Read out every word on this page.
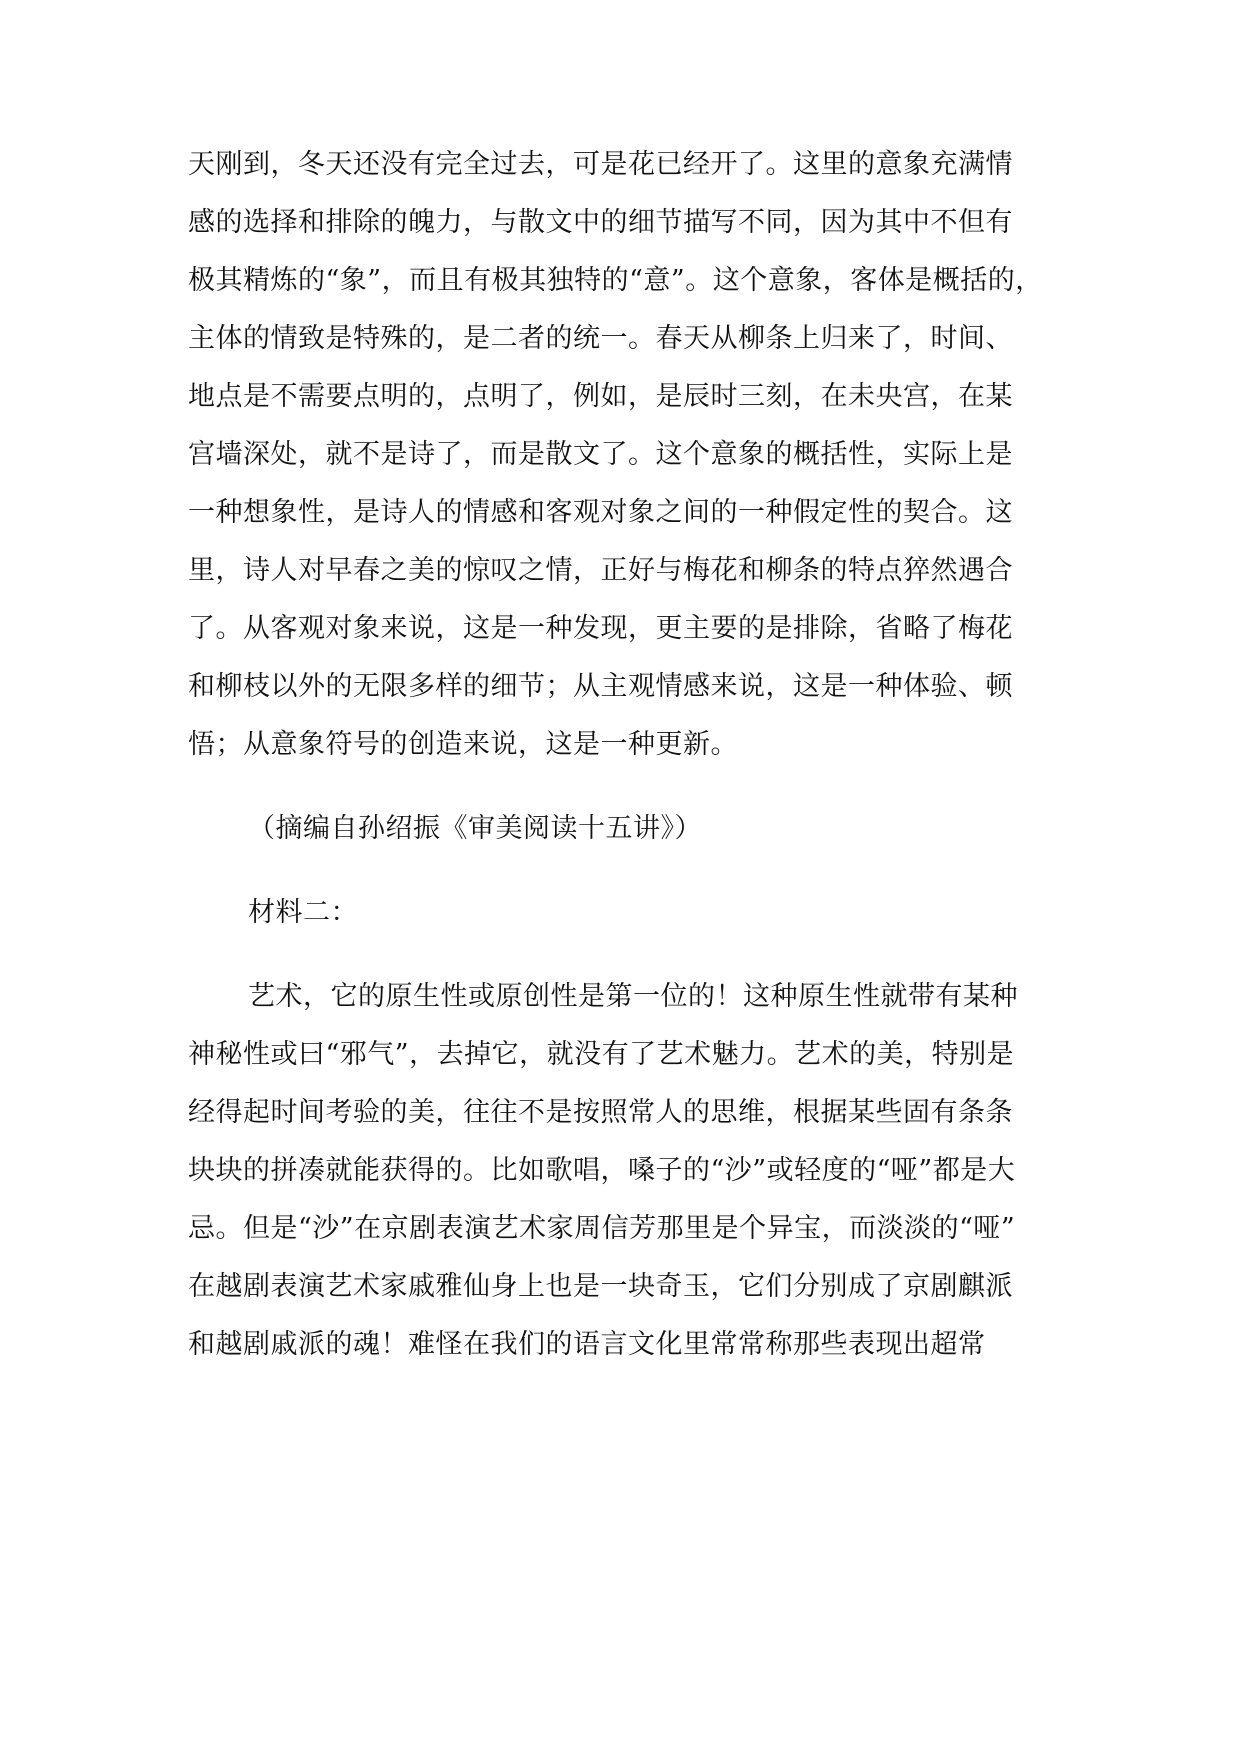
天刚到，冬天还没有完全过去，可是花已经开了。这里的意象充满情
感的选择和排除的魄力，与散文中的细节描写不同，因为其中不但有
极其精炼的“象”，而且有极其独特的“意”。这个意象，客体是概括的，
主体的情致是特殊的，是二者的统一。春天从柳条上归来了，时间、
地点是不需要点明的，点明了，例如，是辰时三刻，在未央宫，在某
宫墙深处，就不是诗了，而是散文了。这个意象的概括性，实际上是
一种想象性，是诗人的情感和客观对象之间的一种假定性的契合。这
里，诗人对早春之美的惊叹之情，正好与梅花和柳条的特点猝然遇合
了。从客观对象来说，这是一种发现，更主要的是排除，省略了梅花
和柳枝以外的无限多样的细节；从主观情感来说，这是一种体验、顿
悟；从意象符号的创造来说，这是一种更新。
（摘编自孙绍振《审美阅读十五讲》）
材料二：
艺术，它的原生性或原创性是第一位的！这种原生性就带有某种
神秘性或曰“邪气”，去掉它，就没有了艺术魅力。艺术的美，特别是
经得起时间考验的美，往往不是按照常人的思维，根据某些固有条条
块块的拼凑就能获得的。比如歌唱，嗓子的“沙”或轻度的“哑”都是大
忌。但是“沙”在京剧表演艺术家周信芳那里是个异宝，而淡淡的“哑”
在越剧表演艺术家戚雅仙身上也是一块奇玉，它们分别成了京剧麒派
和越剧戚派的魂！难怪在我们的语言文化里常常称那些表现出超常
